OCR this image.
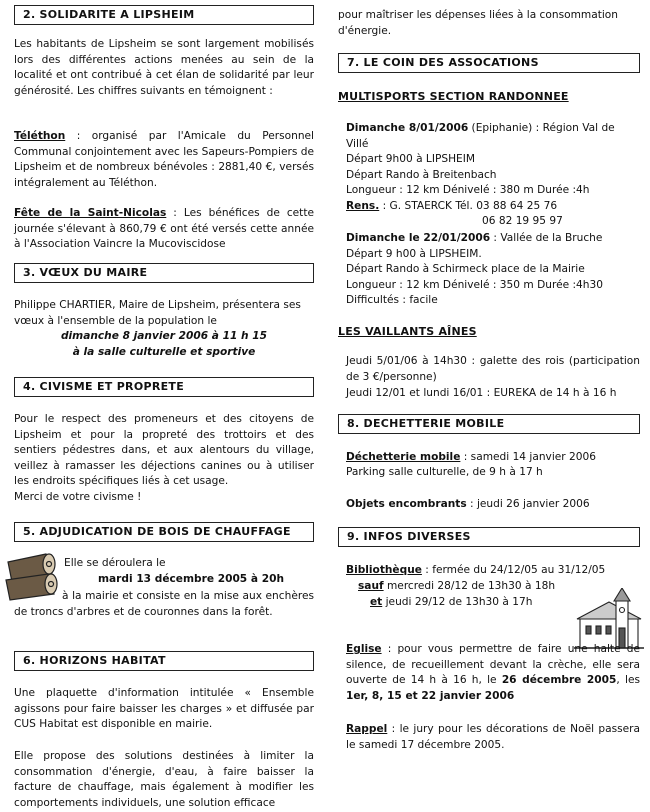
2. SOLIDARITE A LIPSHEIM

Les habitants de Lipsheim se sont largement mobilisés lors des différentes actions menées au sein de la localité et ont contribué à cet élan de solidarité par leur générosité. Les chiffres suivants en témoignent :

Téléthon : organisé par l'Amicale du Personnel Communal conjointement avec les Sapeurs-Pompiers de Lipsheim et de nombreux bénévoles : 2881,40 €, versés intégralement au Téléthon.

Fête de la Saint-Nicolas : Les bénéfices de cette journée s'élevant à 860,79 € ont été versés cette année à l'Association Vaincre la Mucoviscidose

3. VŒUX DU MAIRE

Philippe CHARTIER, Maire de Lipsheim, présentera ses vœux à l'ensemble de la population le

dimanche 8 janvier 2006 à 11 h 15

à la salle culturelle et sportive

4. CIVISME ET PROPRETE

Pour le respect des promeneurs et des citoyens de Lipsheim et pour la propreté des trottoirs et des sentiers pédestres dans, et aux alentours du village, veillez à ramasser les déjections canines ou à utiliser les endroits spécifiques liés à cet usage.

Merci de votre civisme !

5. ADJUDICATION DE BOIS DE CHAUFFAGE

Elle se déroulera le

mardi 13 décembre 2005 à 20h

à la mairie et consiste en la mise aux enchères de troncs d'arbres et de couronnes dans la forêt.

6. HORIZONS HABITAT

Une plaquette d'information intitulée « Ensemble agissons pour faire baisser les charges » et diffusée par CUS Habitat est disponible en mairie.

Elle propose des solutions destinées à limiter la consommation d'énergie, d'eau, à faire baisser la facture de chauffage, mais également à modifier les comportements individuels, une solution efficace

pour maîtriser les dépenses liées à la consommation d'énergie.

7. LE COIN DES ASSOCATIONS

MULTISPORTS SECTION RANDONNEE

Dimanche 8/01/2006 (Epiphanie) : Région Val de Villé

Départ 9h00 à LIPSHEIM

Départ Rando à Breitenbach

Longueur : 12 km Dénivelé : 380 m Durée :4h

Rens. : G. STAERCK Tél. 03 88 64 25 76

06 82 19 95 97

Dimanche le 22/01/2006 : Vallée de la Bruche

Départ 9 h00 à LIPSHEIM.

Départ Rando à Schirmeck place de la Mairie

Longueur : 12 km Dénivelé : 350 m Durée :4h30

Difficultés : facile

LES VAILLANTS AÎNES

Jeudi 5/01/06 à 14h30 : galette des rois (participation de 3 €/personne)

Jeudi 12/01 et lundi 16/01 : EUREKA de 14 h à 16 h

8. DECHETTERIE MOBILE

Déchetterie mobile : samedi 14 janvier 2006

Parking salle culturelle, de 9 h à 17 h

Objets encombrants : jeudi 26 janvier 2006

9. INFOS DIVERSES

Bibliothèque : fermée du 24/12/05 au 31/12/05

sauf mercredi 28/12 de 13h30 à 18h

et jeudi 29/12 de 13h30 à 17h

Eglise : pour vous permettre de faire une halte de silence, de recueillement devant la crèche, elle sera ouverte de 14 h à 16 h, le 26 décembre 2005, les 1er, 8, 15 et 22 janvier 2006

Rappel : le jury pour les décorations de Noël passera le samedi 17 décembre 2005.
